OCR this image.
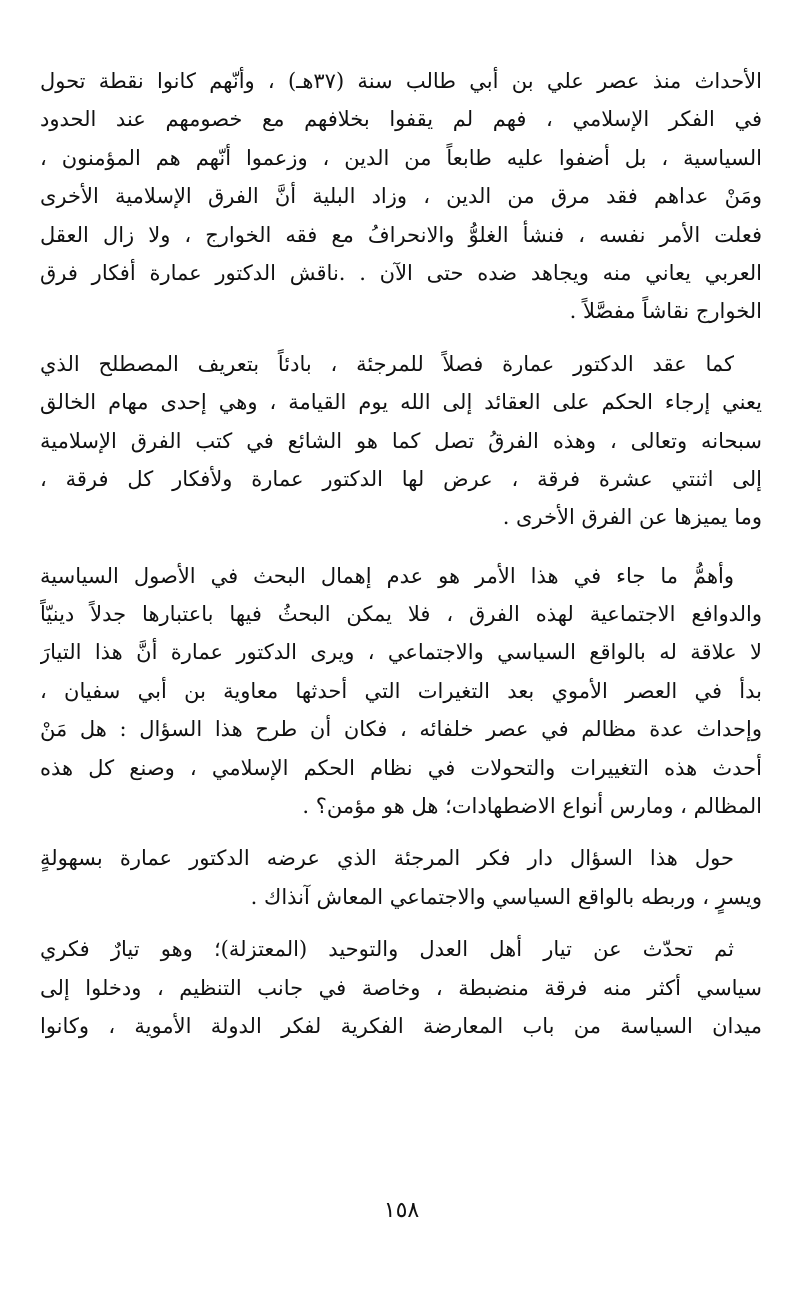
الأحداث منذ عصر علي بن أبي طالب سنة (٣٧هـ) ، وأنّهم كانوا نقطة تحول
في الفكر الإسلامي ، فهم لم يقفوا بخلافهم مع خصومهم عند الحدود
السياسية ، بل أضفوا عليه طابعاً من الدين ، وزعموا أنّهم هم المؤمنون ،
ومَنْ عداهم فقد مرق من الدين ، وزاد البلية أنَّ الفرق الإسلامية الأخرى
فعلت الأمر نفسه ، فنشأ الغلوُّ والانحرافُ مع فقه الخوارج ، ولا زال العقل
العربي يعاني منه ويجاهد ضده حتى الآن . .ناقش الدكتور عمارة أفكار فرق
الخوارج نقاشاً مفصَّلاً .
كما عقد الدكتور عمارة فصلاً للمرجئة ، بادئاً بتعريف المصطلح الذي
يعني إرجاء الحكم على العقائد إلى الله يوم القيامة ، وهي إحدى مهام الخالق
سبحانه وتعالى ، وهذه الفرقُ تصل كما هو الشائع في كتب الفرق الإسلامية
إلى اثنتي عشرة فرقة ، عرض لها الدكتور عمارة ولأفكار كل فرقة ،
وما يميزها عن الفرق الأخرى .
وأهمُّ ما جاء في هذا الأمر هو عدم إهمال البحث في الأصول السياسية
والدوافع الاجتماعية لهذه الفرق ، فلا يمكن البحثُ فيها باعتبارها جدلاً دينيّاً
لا علاقة له بالواقع السياسي والاجتماعي ، ويرى الدكتور عمارة أنَّ هذا التيارَ
بدأ في العصر الأموي بعد التغيرات التي أحدثها معاوية بن أبي سفيان ،
وإحداث عدة مظالم في عصر خلفائه ، فكان أن طرح هذا السؤال : هل مَنْ
أحدث هذه التغييرات والتحولات في نظام الحكم الإسلامي ، وصنع كل هذه
المظالم ، ومارس أنواع الاضطهادات؛ هل هو مؤمن؟ .
حول هذا السؤال دار فكر المرجئة الذي عرضه الدكتور عمارة بسهولةٍ
ويسرٍ ، وربطه بالواقع السياسي والاجتماعي المعاش آنذاك .
ثم تحدّث عن تيار أهل العدل والتوحيد (المعتزلة)؛ وهو تيارٌ فكري
سياسي أكثر منه فرقة منضبطة ، وخاصة في جانب التنظيم ، ودخلوا إلى
ميدان السياسة من باب المعارضة الفكرية لفكر الدولة الأموية ، وكانوا
١٥٨
